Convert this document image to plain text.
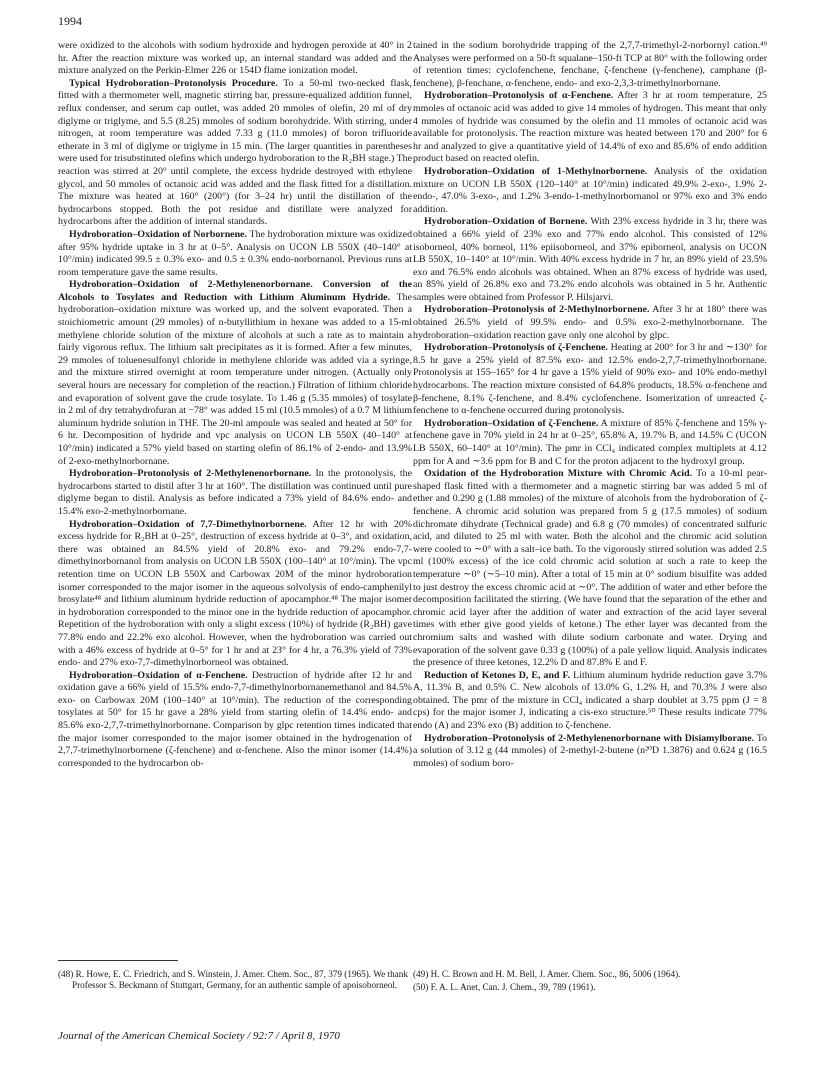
1994

were oxidized to the alcohols with sodium hydroxide and hydrogen peroxide at 40° in 2 hr. After the reaction mixture was worked up, an internal standard was added and the mixture analyzed on the Perkin-Elmer 226 or 154D flame ionization model.

Typical Hydroboration–Protonolysis Procedure. To a 50-ml two-necked flask, fitted with a thermometer well, magnetic stirring bar, pressure-equalized addition funnel, reflux condenser, and serum cap outlet, was added 20 mmoles of olefin, 20 ml of dry diglyme or triglyme, and 5.5 (8.25) mmoles of sodium borohydride. With stirring, under nitrogen, at room temperature was added 7.33 g (11.0 mmoles) of boron trifluoride etherate in 3 ml of diglyme or triglyme in 15 min. (The larger quantities in parentheses were used for trisubstituted olefins which undergo hydroboration to the R₂BH stage.) The reaction was stirred at 20° until complete, the excess hydride destroyed with ethylene glycol, and 50 mmoles of octanoic acid was added and the flask fitted for a distillation. The mixture was heated at 160° (200°) (for 3–24 hr) until the distillation of the hydrocarbons stopped. Both the pot residue and distillate were analyzed for hydrocarbons after the addition of internal standards.

Hydroboration–Oxidation of Norbornene. The hydroboration mixture was oxidized after 95% hydride uptake in 3 hr at 0–5°. Analysis on UCON LB 550X (40–140° at 10°/min) indicated 99.5 ± 0.3% exo- and 0.5 ± 0.3% endo-norbornanol. Previous runs at room temperature gave the same results.

Hydroboration–Oxidation of 2-Methylenenorbornane. Conversion of the Alcohols to Tosylates and Reduction with Lithium Aluminum Hydride. The hydroboration–oxidation mixture was worked up, and the solvent evaporated. Then a stoichiometric amount (29 mmoles) of n-butyllithium in hexane was added to a 15-ml methylene chloride solution of the mixture of alcohols at such a rate as to maintain a fairly vigorous reflux. The lithium salt precipitates as it is formed. After a few minutes, 29 mmoles of toluenesulfonyl chloride in methylene chloride was added via a syringe, and the mixture stirred overnight at room temperature under nitrogen. (Actually only several hours are necessary for completion of the reaction.) Filtration of lithium chloride and evaporation of solvent gave the crude tosylate. To 1.46 g (5.35 mmoles) of tosylate in 2 ml of dry tetrahydrofuran at −78° was added 15 ml (10.5 mmoles) of a 0.7 M lithium aluminum hydride solution in THF. The 20-ml ampoule was sealed and heated at 50° for 6 hr. Decomposition of hydride and vpc analysis on UCON LB 550X (40–140° at 10°/min) indicated a 57% yield based on starting olefin of 86.1% of 2-endo- and 13.9% of 2-exo-methylnorbornane.

Hydroboration–Protonolysis of 2-Methylenenorbornane. In the protonolysis, the hydrocarbons started to distil after 3 hr at 160°. The distillation was continued until pure diglyme began to distil. Analysis as before indicated a 73% yield of 84.6% endo- and 15.4% exo-2-methylnorbornane.

Hydroboration–Oxidation of 7,7-Dimethylnorbornene. After 12 hr with 20% excess hydride for R₂BH at 0–25°, destruction of excess hydride at 0–3°, and oxidation, there was obtained an 84.5% yield of 20.8% exo- and 79.2% endo-7,7-dimethylnorbornanol from analysis on UCON LB 550X (100–140° at 10°/min). The vpc retention time on UCON LB 550X and Carbowax 20M of the minor hydroboration isomer corresponded to the major isomer in the aqueous solvolysis of endo-camphenilyl brosylate⁴⁸ and lithium aluminum hydride reduction of apocamphor.⁴⁸ The major isomer in hydroboration corresponded to the minor one in the hydride reduction of apocamphor. Repetition of the hydroboration with only a slight excess (10%) of hydride (R₂BH) gave 77.8% endo and 22.2% exo alcohol. However, when the hydroboration was carried out with a 46% excess of hydride at 0–5° for 1 hr and at 23° for 4 hr, a 76.3% yield of 73% endo- and 27% exo-7,7-dimethylnorborneol was obtained.

Hydroboration–Oxidation of α-Fenchene. Destruction of hydride after 12 hr and oxidation gave a 66% yield of 15.5% endo-7,7-dimethylnorbornanemethanol and 84.5% exo- on Carbowax 20M (100–140° at 10°/min). The reduction of the corresponding tosylates at 50° for 15 hr gave a 28% yield from starting olefin of 14.4% endo- and 85.6% exo-2,7,7-trimethylnorbornane. Comparison by glpc retention times indicated that the major isomer corresponded to the major isomer obtained in the hydrogenation of 2,7,7-trimethylnorbornene (ζ-fenchene) and α-fenchene. Also the minor isomer (14.4%) corresponded to the hydrocarbon ob-

tained in the sodium borohydride trapping of the 2,7,7-trimethyl-2-norbornyl cation.⁴⁹ Analyses were performed on a 50-ft squalane–150-ft TCP at 80° with the following order of retention times: cyclofenchene, fenchane, ζ-fenchene (γ-fenchene), camphane (β-fenchene), β-fenchane, α-fenchene, endo- and exo-2,3,3-trimethylnorbornane.

Hydroboration–Protonolysis of α-Fenchene. After 3 hr at room temperature, 25 mmoles of octanoic acid was added to give 14 mmoles of hydrogen. This meant that only 4 mmoles of hydride was consumed by the olefin and 11 mmoles of octanoic acid was available for protonolysis. The reaction mixture was heated between 170 and 200° for 6 hr and analyzed to give a quantitative yield of 14.4% of exo and 85.6% of endo addition product based on reacted olefin.

Hydroboration–Oxidation of 1-Methylnorbornene. Analysis of the oxidation mixture on UCON LB 550X (120–140° at 10°/min) indicated 49.9% 2-exo-, 1.9% 2-endo-, 47.0% 3-exo-, and 1.2% 3-endo-1-methylnorbornanol or 97% exo and 3% endo addition.

Hydroboration–Oxidation of Bornene. With 23% excess hydride in 3 hr, there was obtained a 66% yield of 23% exo and 77% endo alcohol. This consisted of 12% isoborneol, 40% borneol, 11% epiisoborneol, and 37% epiborneol, analysis on UCON LB 550X, 10–140° at 10°/min. With 40% excess hydride in 7 hr, an 89% yield of 23.5% exo and 76.5% endo alcohols was obtained. When an 87% excess of hydride was used, an 85% yield of 26.8% exo and 73.2% endo alcohols was obtained in 5 hr. Authentic samples were obtained from Professor P. Hilsjarvi.

Hydroboration–Protonolysis of 2-Methylnorbornene. After 3 hr at 180° there was obtained 26.5% yield of 99.5% endo- and 0.5% exo-2-methylnorbornane. The hydroboration–oxidation reaction gave only one alcohol by glpc.

Hydroboration–Protonolysis of ζ-Fenchene. Heating at 200° for 3 hr and ∼130° for 8.5 hr gave a 25% yield of 87.5% exo- and 12.5% endo-2,7,7-trimethylnorbornane. Protonolysis at 155–165° for 4 hr gave a 15% yield of 90% exo- and 10% endo-methyl hydrocarbons. The reaction mixture consisted of 64.8% products, 18.5% α-fenchene and β-fenchene, 8.1% ζ-fenchene, and 8.4% cyclofenchene. Isomerization of unreacted ζ-fenchene to α-fenchene occurred during protonolysis.

Hydroboration–Oxidation of ζ-Fenchene. A mixture of 85% ζ-fenchene and 15% γ-fenchene gave in 70% yield in 24 hr at 0–25°, 65.8% A, 19.7% B, and 14.5% C (UCON LB 550X, 60–140° at 10°/min). The pmr in CCl₄ indicated complex multiplets at 4.12 ppm for A and ∼3.6 ppm for B and C for the proton adjacent to the hydroxyl group.

Oxidation of the Hydroboration Mixture with Chromic Acid. To a 10-ml pear-shaped flask fitted with a thermometer and a magnetic stirring bar was added 5 ml of ether and 0.290 g (1.88 mmoles) of the mixture of alcohols from the hydroboration of ζ-fenchene. A chromic acid solution was prepared from 5 g (17.5 mmoles) of sodium dichromate dihydrate (Technical grade) and 6.8 g (70 mmoles) of concentrated sulfuric acid, and diluted to 25 ml with water. Both the alcohol and the chromic acid solution were cooled to ∼0° with a salt–ice bath. To the vigorously stirred solution was added 2.5 ml (100% excess) of the ice cold chromic acid solution at such a rate to keep the temperature ∼0° (∼5–10 min). After a total of 15 min at 0° sodium bisulfite was added to just destroy the excess chromic acid at ∼0°. The addition of water and ether before the decomposition facilitated the stirring. (We have found that the separation of the ether and chromic acid layer after the addition of water and extraction of the acid layer several times with ether give good yields of ketone.) The ether layer was decanted from the chromium salts and washed with dilute sodium carbonate and water. Drying and evaporation of the solvent gave 0.33 g (100%) of a pale yellow liquid. Analysis indicates the presence of three ketones, 12.2% D and 87.8% E and F.

Reduction of Ketones D, E, and F. Lithium aluminum hydride reduction gave 3.7% A, 11.3% B, and 0.5% C. New alcohols of 13.0% G, 1.2% H, and 70.3% J were also obtained. The pmr of the mixture in CCl₄ indicated a sharp doublet at 3.75 ppm (J = 8 cps) for the major isomer J, indicating a cis-exo structure.⁵⁰ These results indicate 77% endo (A) and 23% exo (B) addition to ζ-fenchene.

Hydroboration–Protonolysis of 2-Methylenenorbornane with Disiamylborane. To a solution of 3.12 g (44 mmoles) of 2-methyl-2-butene (n²⁰D 1.3876) and 0.624 g (16.5 mmoles) of sodium boro-

(48) R. Howe, E. C. Friedrich, and S. Winstein, J. Amer. Chem. Soc., 87, 379 (1965). We thank Professor S. Beckmann of Stuttgart, Germany, for an authentic sample of apoisoborneol.

(49) H. C. Brown and H. M. Bell, J. Amer. Chem. Soc., 86, 5006 (1964).

(50) F. A. L. Anet, Can. J. Chem., 39, 789 (1961).

Journal of the American Chemical Society / 92:7 / April 8, 1970
